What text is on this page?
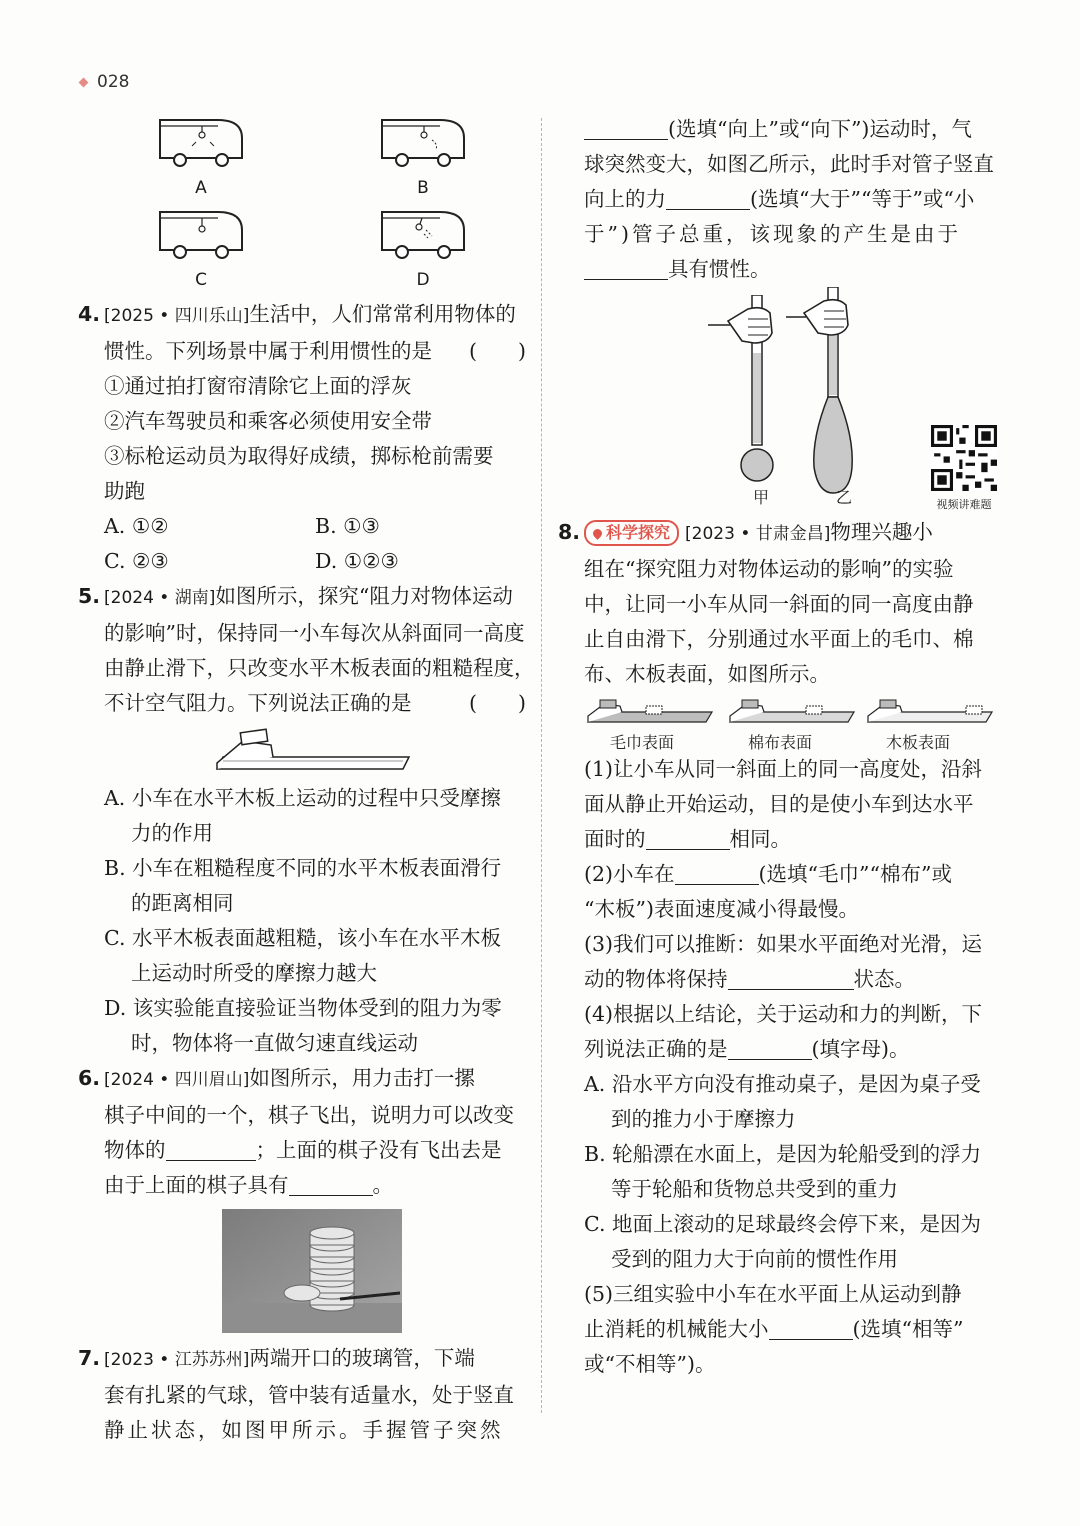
028
A	B
C	D
4. [2025 • 四川乐山]生活中，人们常常利用物体的
惯性。下列场景中属于利用惯性的是 (　　)
①通过拍打窗帘清除它上面的浮灰
②汽车驾驶员和乘客必须使用安全带
③标枪运动员为取得好成绩，掷标枪前需要
助跑
A. ①②	B. ①③
C. ②③	D. ①②③
5. [2024 • 湖南]如图所示，探究“阻力对物体运动
的影响”时，保持同一小车每次从斜面同一高度
由静止滑下，只改变水平木板表面的粗糙程度，
不计空气阻力。下列说法正确的是	(　　)
A. 小车在水平木板上运动的过程中只受摩擦
力的作用
B. 小车在粗糙程度不同的水平木板表面滑行
的距离相同
C. 水平木板表面越粗糙，该小车在水平木板
上运动时所受的摩擦力越大
D. 该实验能直接验证当物体受到的阻力为零
时，物体将一直做匀速直线运动
6. [2024 • 四川眉山]如图所示，用力击打一摞
棋子中间的一个，棋子飞出，说明力可以改变
物体的	；上面的棋子没有飞出去是
由于上面的棋子具有	。
7. [2023 • 江苏苏州]两端开口的玻璃管，下端
套有扎紧的气球，管中装有适量水，处于竖直
静止状态，如图甲所示。手握管子突然
(选填“向上”或“向下”)运动时，气
球突然变大，如图乙所示，此时手对管子竖直
向上的力	(选填“大于”“等于”或“小
于”)管子总重，该现象的产生是由于
具有惯性。
甲	乙	视频讲难题
8. 科学探究 [2023 • 甘肃金昌]物理兴趣小
组在“探究阻力对物体运动的影响”的实验
中，让同一小车从同一斜面的同一高度由静
止自由滑下，分别通过水平面上的毛巾、棉
布、木板表面，如图所示。
毛巾表面	棉布表面	木板表面
(1)让小车从同一斜面上的同一高度处，沿斜
面从静止开始运动，目的是使小车到达水平
面时的	相同。
(2)小车在	(选填“毛巾”“棉布”或
“木板”)表面速度减小得最慢。
(3)我们可以推断：如果水平面绝对光滑，运
动的物体将保持	状态。
(4)根据以上结论，关于运动和力的判断，下
列说法正确的是	(填字母)。
A. 沿水平方向没有推动桌子，是因为桌子受
到的推力小于摩擦力
B. 轮船漂在水面上，是因为轮船受到的浮力
等于轮船和货物总共受到的重力
C. 地面上滚动的足球最终会停下来，是因为
受到的阻力大于向前的惯性作用
(5)三组实验中小车在水平面上从运动到静
止消耗的机械能大小	(选填“相等”
或“不相等”)。
